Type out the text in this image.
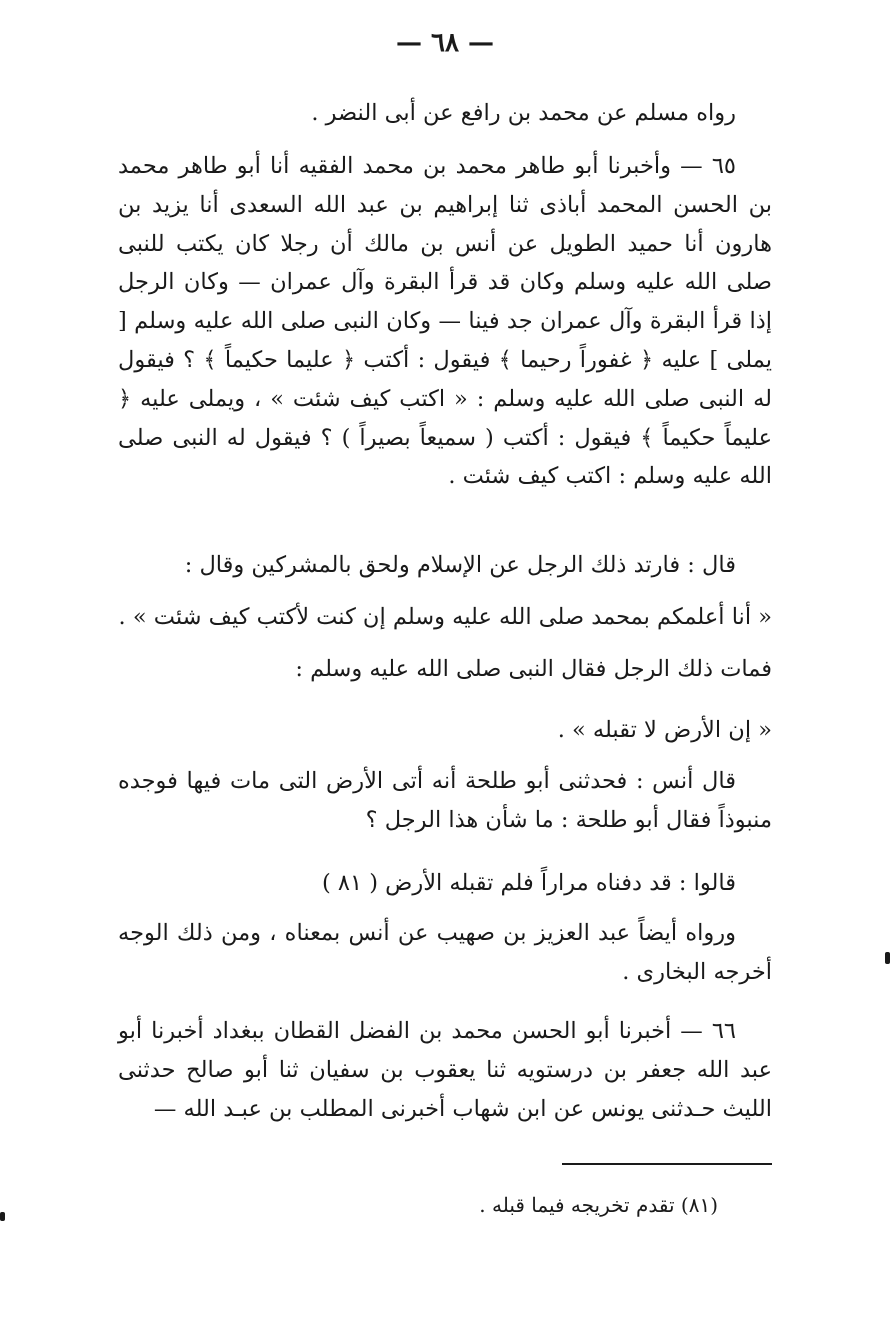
— ٦٨ —

رواه مسلم عن محمد بن رافع عن أبى النضر .

٦٥ — وأخبرنا أبو طاهر محمد بن محمد الفقيه أنا أبو طاهر محمد بن الحسن المحمد أباذى ثنا إبراهيم بن عبد الله السعدى أنا يزيد بن هارون أنا حميد الطويل عن أنس بن مالك أن رجلا كان يكتب للنبى صلى الله عليه وسلم وكان قد قرأ البقرة وآل عمران — وكان الرجل إذا قرأ البقرة وآل عمران جد فينا — وكان النبى صلى الله عليه وسلم [ يملى ] عليه ﴿ غفوراً رحيما ﴾ فيقول : أكتب ﴿ عليما حكيماً ﴾ ؟ فيقول له النبى صلى الله عليه وسلم : « اكتب كيف شئت » ، ويملى عليه ﴿ عليماً حكيماً ﴾ فيقول : أكتب ( سميعاً بصيراً ) ؟ فيقول له النبى صلى الله عليه وسلم : اكتب كيف شئت .

قال : فارتد ذلك الرجل عن الإسلام ولحق بالمشركين وقال :

« أنا أعلمكم بمحمد صلى الله عليه وسلم إن كنت لأكتب كيف شئت » .

فمات ذلك الرجل فقال النبى صلى الله عليه وسلم :

« إن الأرض لا تقبله » .

قال أنس : فحدثنى أبو طلحة أنه أتى الأرض التى مات فيها فوجده منبوذاً فقال أبو طلحة : ما شأن هذا الرجل ؟

قالوا : قد دفناه مراراً فلم تقبله الأرض ( ٨١ )

ورواه أيضاً عبد العزيز بن صهيب عن أنس بمعناه ، ومن ذلك الوجه أخرجه البخارى .

٦٦ — أخبرنا أبو الحسن محمد بن الفضل القطان ببغداد أخبرنا أبو عبد الله جعفر بن درستويه ثنا يعقوب بن سفيان ثنا أبو صالح حدثنى الليث حـدثنى يونس عن ابن شهاب أخبرنى المطلب بن عبـد الله —

(٨١) تقدم تخريجه فيما قبله .
